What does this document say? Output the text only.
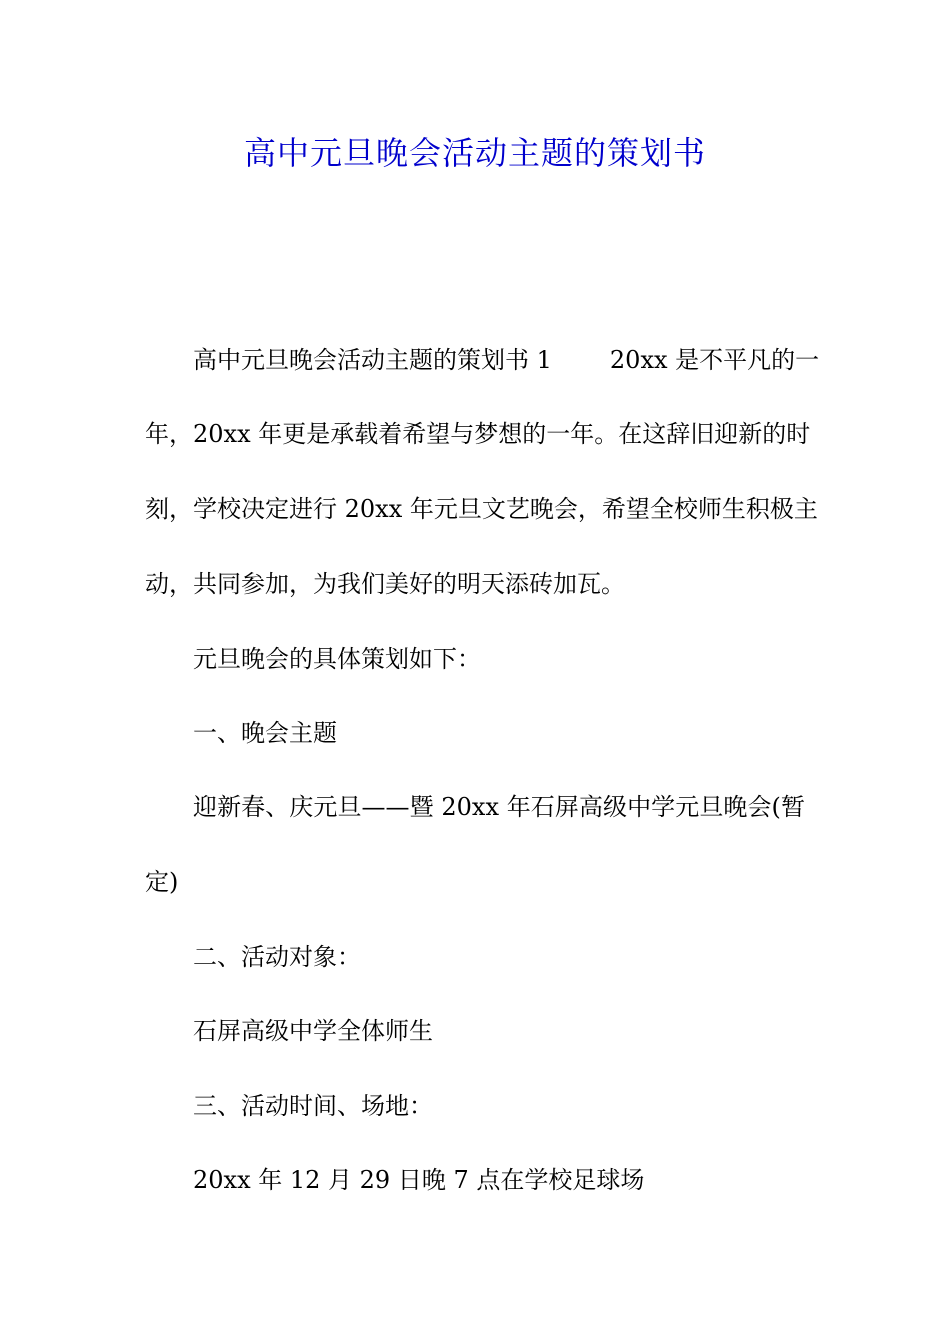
高中元旦晚会活动主题的策划书

高中元旦晚会活动主题的策划书 1 20xx 是不平凡的一

年，20xx 年更是承载着希望与梦想的一年。在这辞旧迎新的时

刻，学校决定进行 20xx 年元旦文艺晚会，希望全校师生积极主

动，共同参加，为我们美好的明天添砖加瓦。

元旦晚会的具体策划如下：

一、晚会主题

迎新春、庆元旦——暨 20xx 年石屏高级中学元旦晚会(暂

定)

二、活动对象：

石屏高级中学全体师生

三、活动时间、场地：

20xx 年 12 月 29 日晚 7 点在学校足球场
